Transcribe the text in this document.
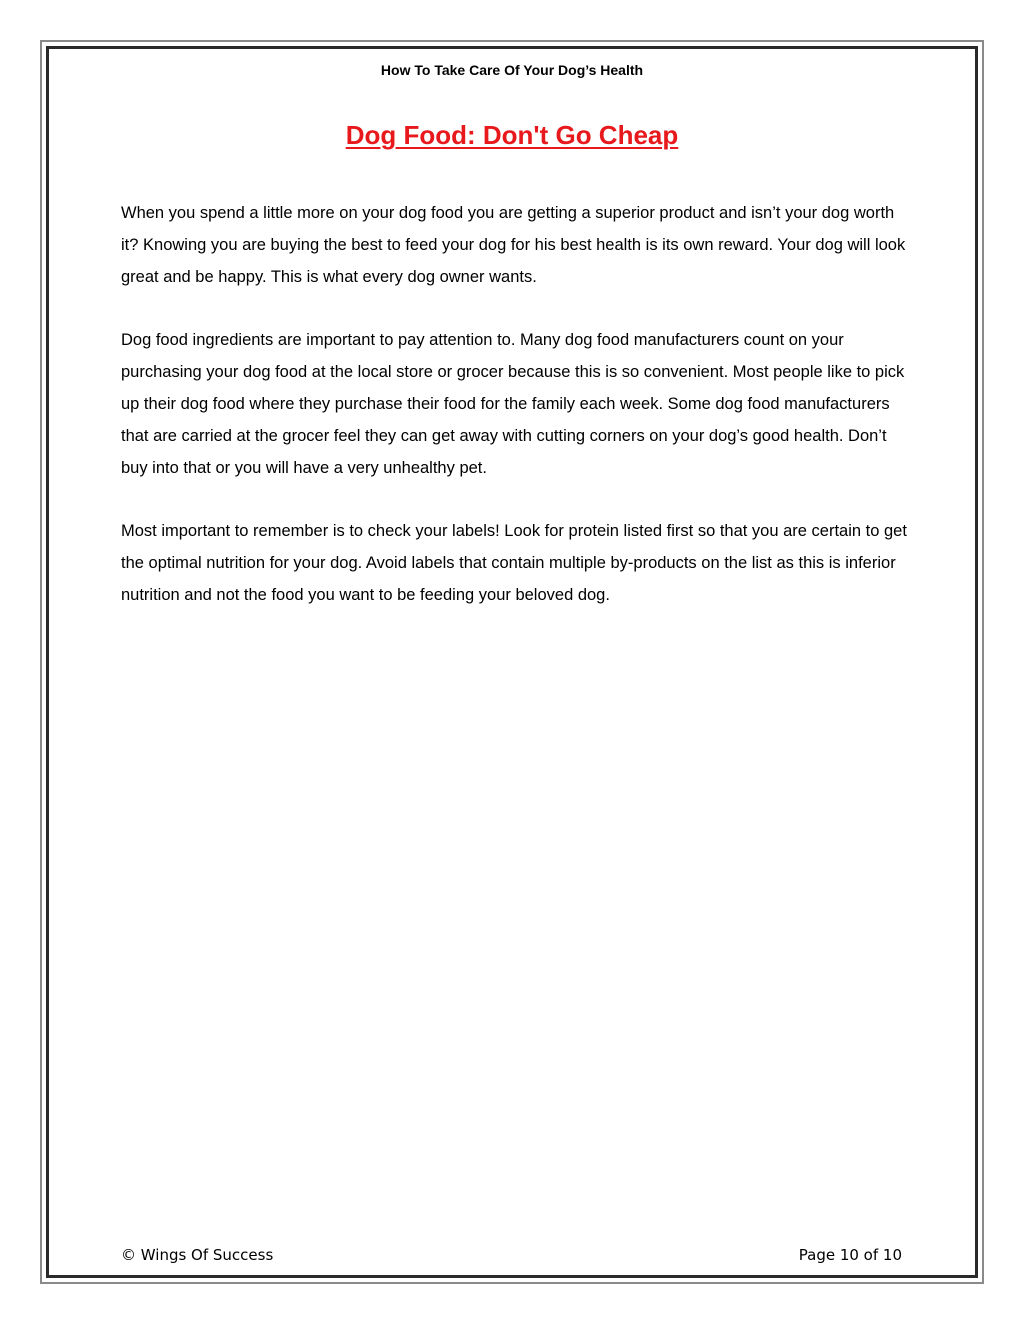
How To Take Care Of Your Dog’s Health
Dog Food: Don't Go Cheap

When you spend a little more on your dog food you are getting a superior product and isn’t your dog worth it? Knowing you are buying the best to feed your dog for his best health is its own reward. Your dog will look great and be happy. This is what every dog owner wants.

Dog food ingredients are important to pay attention to. Many dog food manufacturers count on your purchasing your dog food at the local store or grocer because this is so convenient. Most people like to pick up their dog food where they purchase their food for the family each week. Some dog food manufacturers that are carried at the grocer feel they can get away with cutting corners on your dog’s good health. Don’t buy into that or you will have a very unhealthy pet.

Most important to remember is to check your labels! Look for protein listed first so that you are certain to get the optimal nutrition for your dog. Avoid labels that contain multiple by-products on the list as this is inferior nutrition and not the food you want to be feeding your beloved dog.

© Wings Of Success	Page 10 of 10
